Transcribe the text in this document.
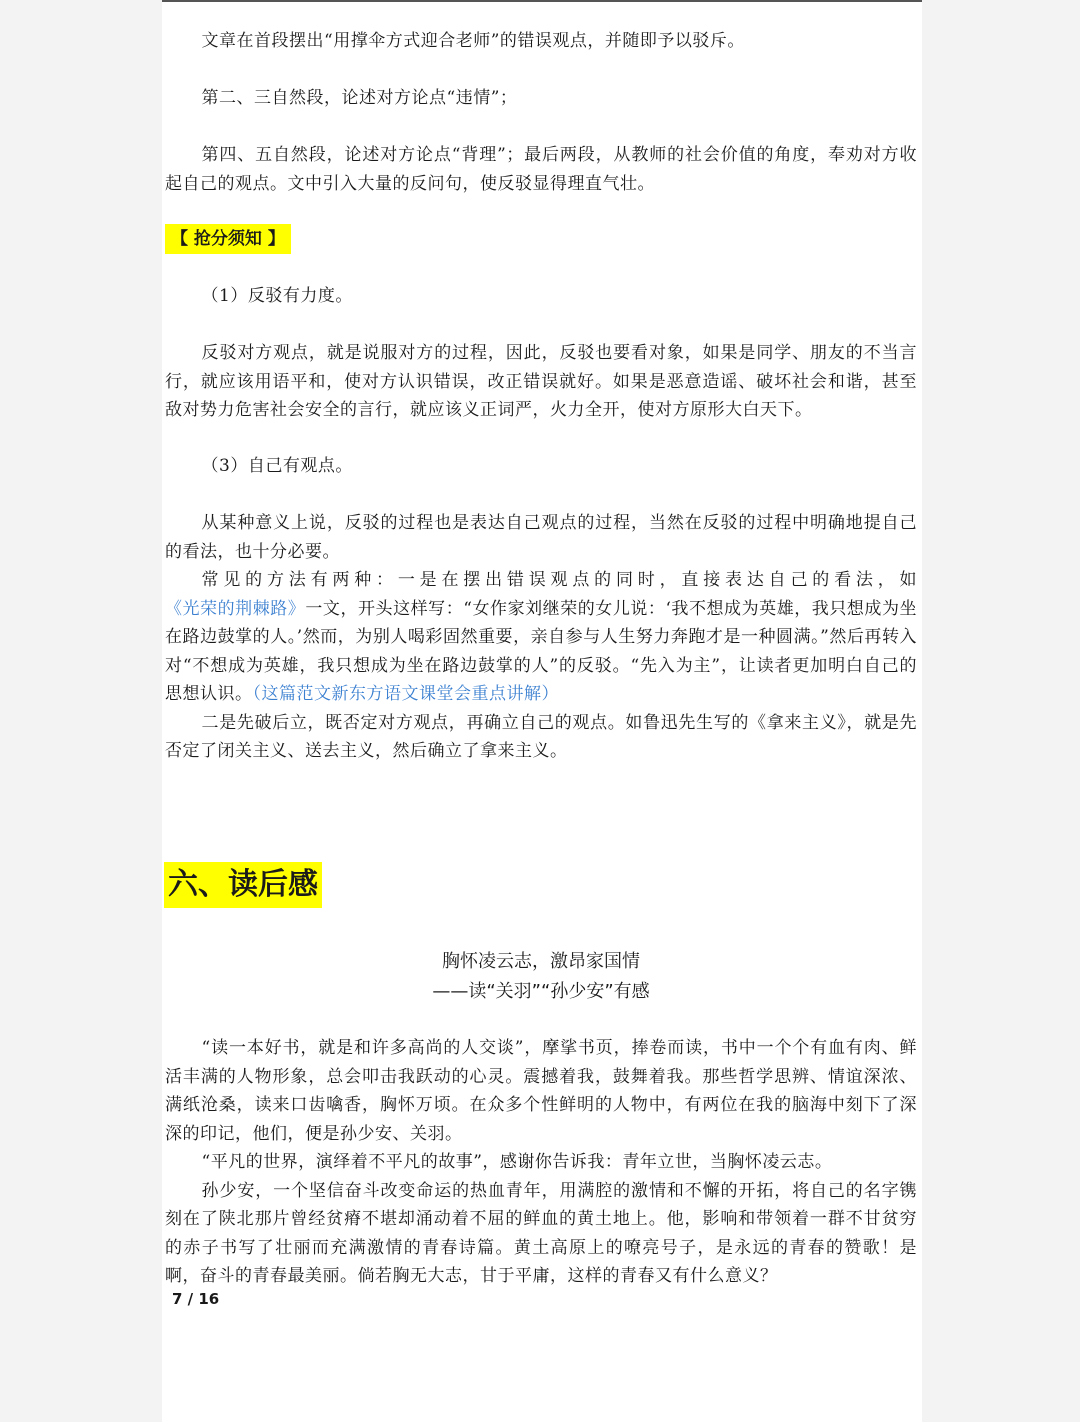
文章在首段摆出“用撑伞方式迎合老师”的错误观点，并随即予以驳斥。

第二、三自然段，论述对方论点“违情”；

第四、五自然段，论述对方论点“背理”；最后两段，从教师的社会价值的角度，奉劝对方收起自己的观点。文中引入大量的反问句，使反驳显得理直气壮。

【 抢分须知 】

（1）反驳有力度。

反驳对方观点，就是说服对方的过程，因此，反驳也要看对象，如果是同学、朋友的不当言行，就应该用语平和，使对方认识错误，改正错误就好。如果是恶意造谣、破坏社会和谐，甚至敌对势力危害社会安全的言行，就应该义正词严，火力全开，使对方原形大白天下。

（3）自己有观点。

从某种意义上说，反驳的过程也是表达自己观点的过程，当然在反驳的过程中明确地提自己的看法，也十分必要。

常见的方法有两种：一是在摆出错误观点的同时，直接表达自己的看法，如《光荣的荆棘路》一文，开头这样写：“女作家刘继荣的女儿说：‘我不想成为英雄，我只想成为坐在路边鼓掌的人。’然而，为别人喝彩固然重要，亲自参与人生努力奔跑才是一种圆满。”然后再转入对“不想成为英雄，我只想成为坐在路边鼓掌的人”的反驳。“先入为主”，让读者更加明白自己的思想认识。（这篇范文新东方语文课堂会重点讲解）

二是先破后立，既否定对方观点，再确立自己的观点。如鲁迅先生写的《拿来主义》，就是先否定了闭关主义、送去主义，然后确立了拿来主义。

六、读后感
胸怀凌云志，激昂家国情
——读“关羽”“孙少安”有感

“读一本好书，就是和许多高尚的人交谈”，摩挲书页，捧卷而读，书中一个个有血有肉、鲜活丰满的人物形象，总会叩击我跃动的心灵。震撼着我，鼓舞着我。那些哲学思辨、情谊深浓、满纸沧桑，读来口齿噙香，胸怀万顷。在众多个性鲜明的人物中，有两位在我的脑海中刻下了深深的印记，他们，便是孙少安、关羽。

“平凡的世界，演绎着不平凡的故事”，感谢你告诉我：青年立世，当胸怀凌云志。

孙少安，一个坚信奋斗改变命运的热血青年，用满腔的激情和不懈的开拓，将自己的名字镌刻在了陕北那片曾经贫瘠不堪却涌动着不屈的鲜血的黄土地上。他，影响和带领着一群不甘贫穷的赤子书写了壮丽而充满激情的青春诗篇。黄土高原上的嘹亮号子，是永远的青春的赞歌！是啊，奋斗的青春最美丽。倘若胸无大志，甘于平庸，这样的青春又有什么意义？

7 / 16
